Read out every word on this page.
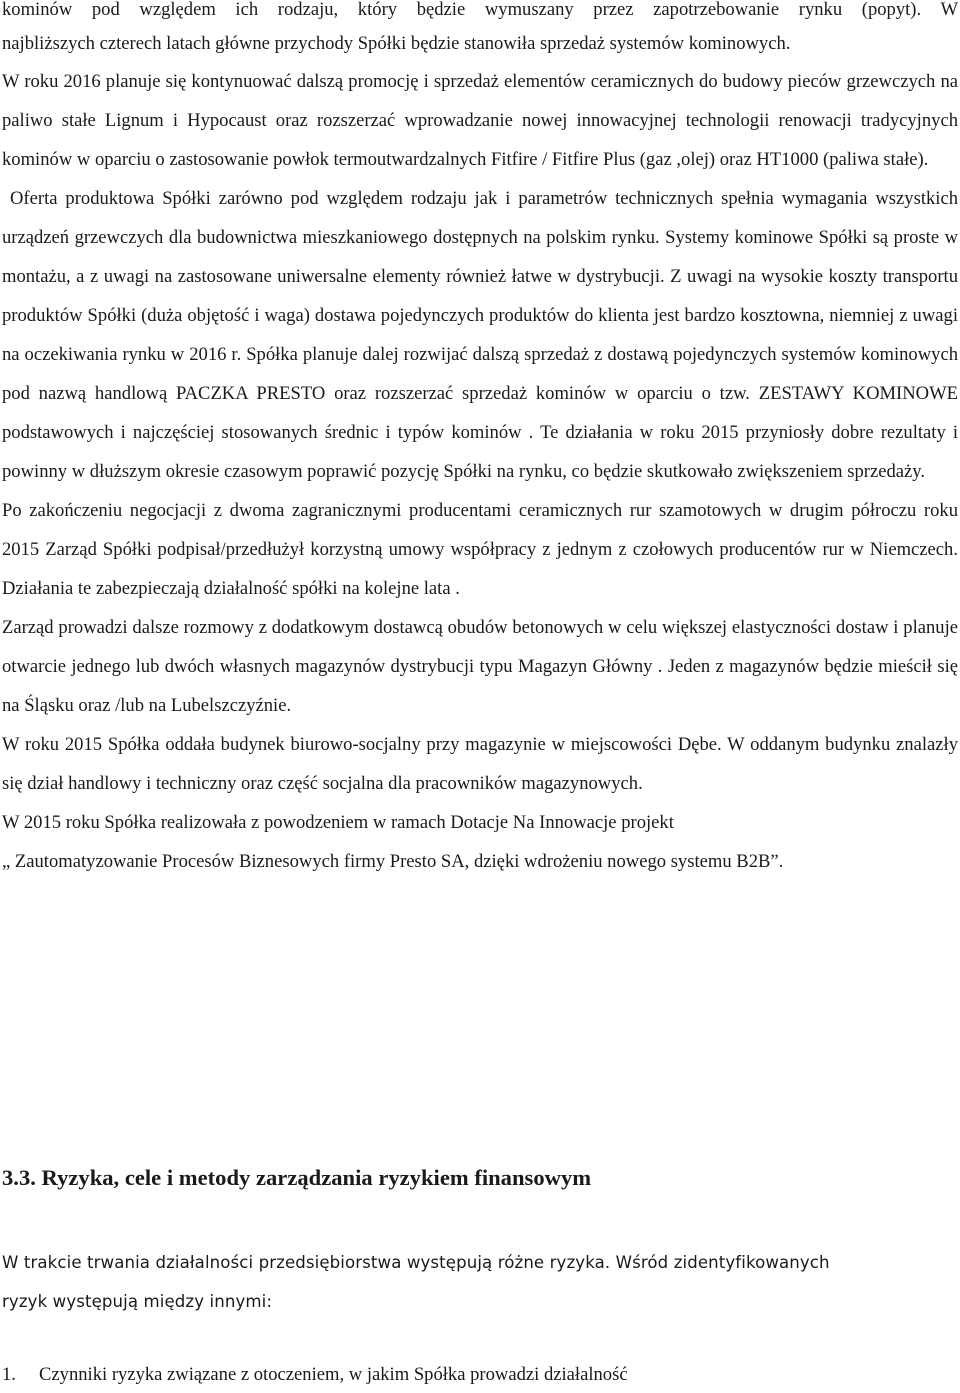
kominów pod względem ich rodzaju, który będzie wymuszany przez zapotrzebowanie rynku (popyt). W

najbliższych czterech latach główne przychody Spółki będzie stanowiła sprzedaż systemów kominowych.

W roku 2016 planuje się kontynuować dalszą promocję i sprzedaż elementów ceramicznych do budowy pieców grzewczych na paliwo stałe Lignum i Hypocaust oraz rozszerzać wprowadzanie nowej innowacyjnej technologii renowacji tradycyjnych kominów w oparciu o zastosowanie powłok termoutwardzalnych Fitfire / Fitfire Plus (gaz ,olej) oraz HT1000 (paliwa stałe).

Oferta produktowa Spółki zarówno pod względem rodzaju jak i parametrów technicznych spełnia wymagania wszystkich urządzeń grzewczych dla budownictwa mieszkaniowego dostępnych na polskim rynku. Systemy kominowe Spółki są proste w montażu, a z uwagi na zastosowane uniwersalne elementy również łatwe w dystrybucji. Z uwagi na wysokie koszty transportu produktów Spółki (duża objętość i waga) dostawa pojedynczych produktów do klienta jest bardzo kosztowna, niemniej z uwagi na oczekiwania rynku w 2016 r. Spółka planuje dalej rozwijać dalszą sprzedaż z dostawą pojedynczych systemów kominowych pod nazwą handlową PACZKA PRESTO oraz rozszerzać sprzedaż kominów w oparciu o tzw. ZESTAWY KOMINOWE podstawowych i najczęściej stosowanych średnic i typów kominów . Te działania w roku 2015 przyniosły dobre rezultaty i powinny w dłuższym okresie czasowym poprawić pozycję Spółki na rynku, co będzie skutkowało zwiększeniem sprzedaży.

Po zakończeniu negocjacji z dwoma zagranicznymi producentami ceramicznych rur szamotowych w drugim półroczu roku 2015 Zarząd Spółki podpisał/przedłużył korzystną umowy współpracy z jednym z czołowych producentów rur w Niemczech. Działania te zabezpieczają działalność spółki na kolejne lata .

Zarząd prowadzi dalsze rozmowy z dodatkowym dostawcą obudów betonowych w celu większej elastyczności dostaw i planuje otwarcie jednego lub dwóch własnych magazynów dystrybucji typu Magazyn Główny . Jeden z magazynów będzie mieścił się na Śląsku oraz /lub na Lubelszczyźnie.

W roku 2015 Spółka oddała budynek biurowo-socjalny przy magazynie w miejscowości Dębe. W oddanym budynku znalazły się dział handlowy i techniczny oraz część socjalna dla pracowników magazynowych.

W 2015 roku Spółka realizowała z powodzeniem w ramach Dotacje Na Innowacje projekt

„ Zautomatyzowanie Procesów Biznesowych firmy Presto SA, dzięki wdrożeniu nowego systemu B2B”.

3.3. Ryzyka, cele i metody zarządzania ryzykiem finansowym

W trakcie trwania działalności przedsiębiorstwa występują różne ryzyka. Wśród zidentyfikowanych

ryzyk występują między innymi:

1. Czynniki ryzyka związane z otoczeniem, w jakim Spółka prowadzi działalność
